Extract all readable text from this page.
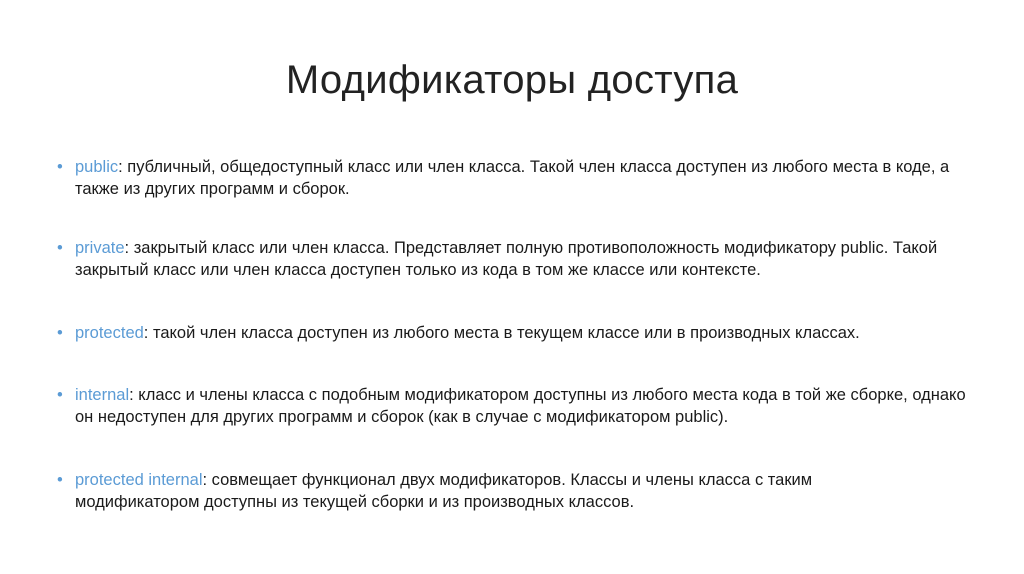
Модификаторы доступа
• public: публичный, общедоступный класс или член класса. Такой член класса доступен из любого места в коде, а также из других программ и сборок.
• private: закрытый класс или член класса. Представляет полную противоположность модификатору public. Такой закрытый класс или член класса доступен только из кода в том же классе или контексте.
• protected: такой член класса доступен из любого места в текущем классе или в производных классах.
• internal: класс и члены класса с подобным модификатором доступны из любого места кода в той же сборке, однако он недоступен для других программ и сборок (как в случае с модификатором public).
• protected internal: совмещает функционал двух модификаторов. Классы и члены класса с таким модификатором доступны из текущей сборки и из производных классов.
